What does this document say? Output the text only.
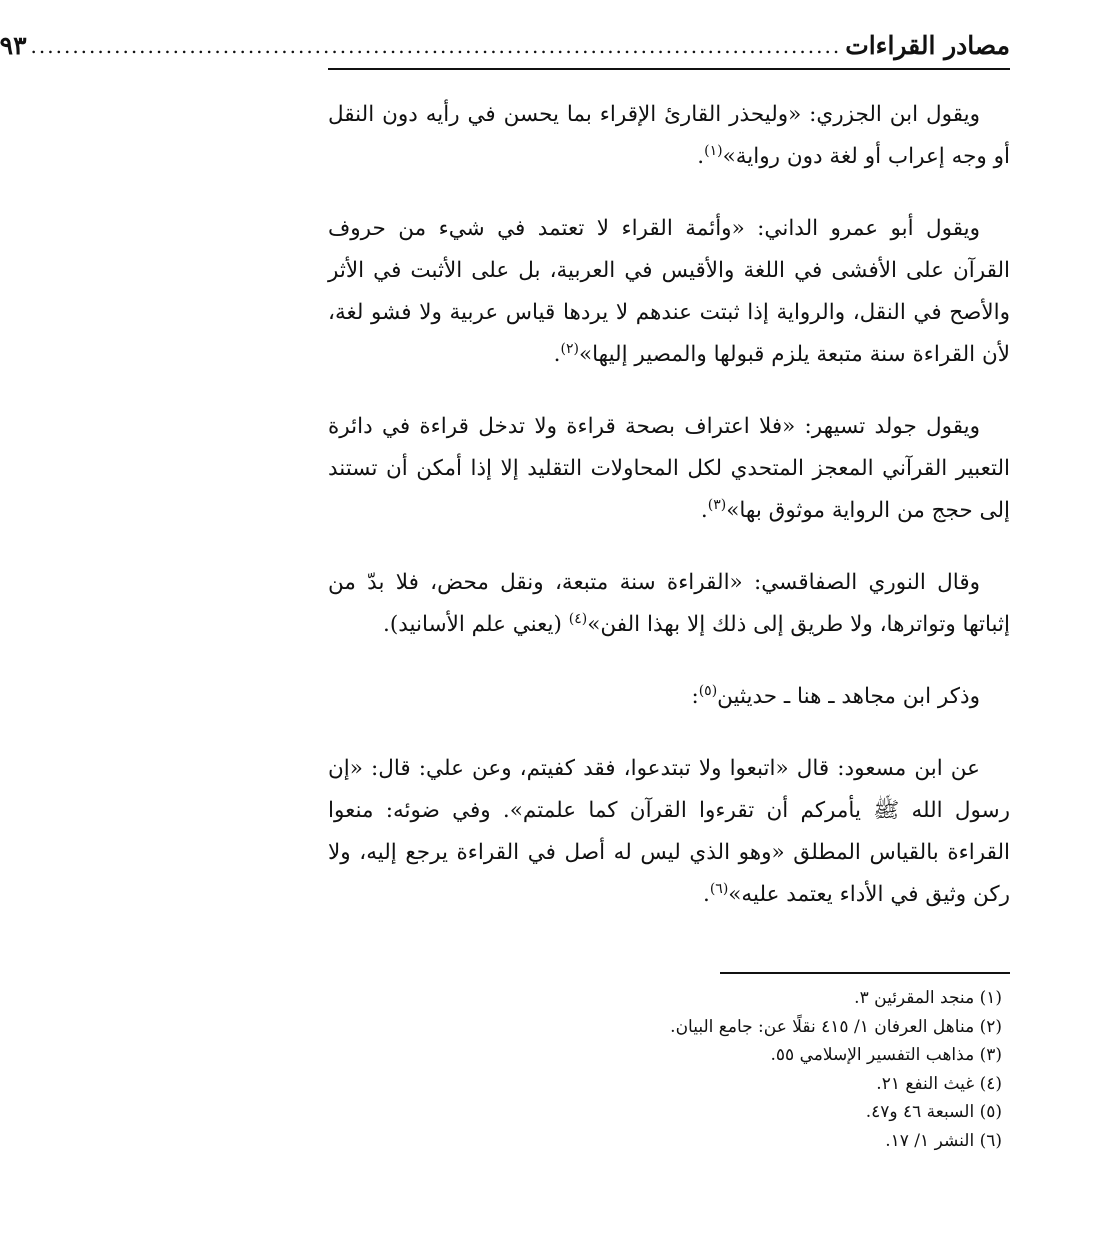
مصادر القراءات
.................................................................................................
٩٣

ويقول ابن الجزري: «وليحذر القارئ الإقراء بما يحسن في رأيه دون النقل أو وجه إعراب أو لغة دون رواية»$^{(١)}$.

ويقول أبو عمرو الداني: «وأئمة القراء لا تعتمد في شيء من حروف القرآن على الأفشى في اللغة والأقيس في العربية، بل على الأثبت في الأثر والأصح في النقل، والرواية إذا ثبتت عندهم لا يردها قياس عربية ولا فشو لغة، لأن القراءة سنة متبعة يلزم قبولها والمصير إليها»$^{(٢)}$.

ويقول جولد تسيهر: «فلا اعتراف بصحة قراءة ولا تدخل قراءة في دائرة التعبير القرآني المعجز المتحدي لكل المحاولات التقليد إلا إذا أمكن أن تستند إلى حجج من الرواية موثوق بها»$^{(٣)}$.

وقال النوري الصفاقسي: «القراءة سنة متبعة، ونقل محض، فلا بدّ من إثباتها وتواترها، ولا طريق إلى ذلك إلا بهذا الفن»$^{(٤)}$ (يعني علم الأسانيد).

وذكر ابن مجاهد ـ هنا ـ حديثين$^{(٥)}$:

عن ابن مسعود: قال «اتبعوا ولا تبتدعوا، فقد كفيتم، وعن علي: قال: «إن رسول الله ﷺ يأمركم أن تقرءوا القرآن كما علمتم». وفي ضوئه: منعوا القراءة بالقياس المطلق «وهو الذي ليس له أصل في القراءة يرجع إليه، ولا ركن وثيق في الأداء يعتمد عليه»$^{(٦)}$.

(١) منجد المقرئين ٣.
(٢) مناهل العرفان ١/ ٤١٥ نقلًا عن: جامع البيان.
(٣) مذاهب التفسير الإسلامي ٥٥.
(٤) غيث النفع ٢١.
(٥) السبعة ٤٦ و٤٧.
(٦) النشر ١/ ١٧.
